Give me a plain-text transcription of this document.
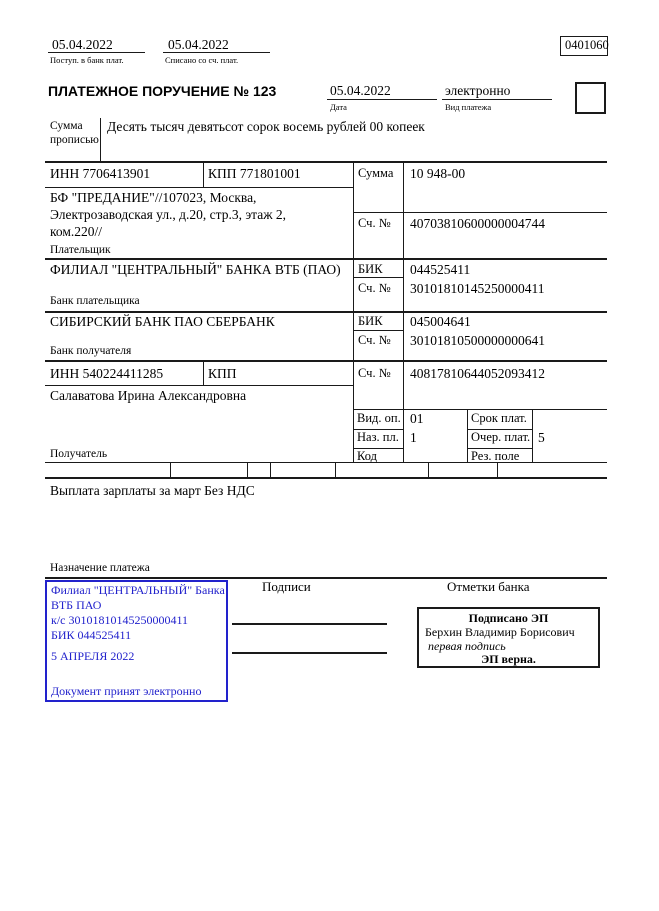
05.04.2022
Поступ. в банк плат.
05.04.2022
Списано со сч. плат.
0401060
ПЛАТЕЖНОЕ ПОРУЧЕНИЕ № 123	05.04.2022
Дата
электронно
Вид платежа
Сумма прописью
Десять тысяч девятьсот сорок восемь рублей 00 копеек
ИНН 7706413901	КПП 771801001	Сумма 10 948-00
БФ "ПРЕДАНИЕ"//107023, Москва, Электрозаводская ул., д.20, стр.3, этаж 2, ком.220//
Сч. № 40703810600000004744
Плательщик
ФИЛИАЛ "ЦЕНТРАЛЬНЫЙ" БАНКА ВТБ (ПАО) БИК 044525411
Сч. № 30101810145250000411
Банк плательщика
СИБИРСКИЙ БАНК ПАО СБЕРБАНК	БИК 045004641
Сч. № 30101810500000000641
Банк получателя
ИНН 540224411285	КПП	Сч. № 40817810644052093412
Салаватова Ирина Александровна
Получатель
Вид. оп. 01	Срок плат.
Наз. пл. 1	Очер. плат. 5
Код	Рез. поле
Выплата зарплаты за март Без НДС
Назначение платежа
Филиал "ЦЕНТРАЛЬНЫЙ" Банка
ВТБ ПАО
к/с 30101810145250000411
БИК 044525411
5 АПРЕЛЯ 2022
Документ принят электронно
Подписи	Отметки банка
Подписано ЭП
Берхин Владимир Борисович
первая подпись
ЭП верна.
